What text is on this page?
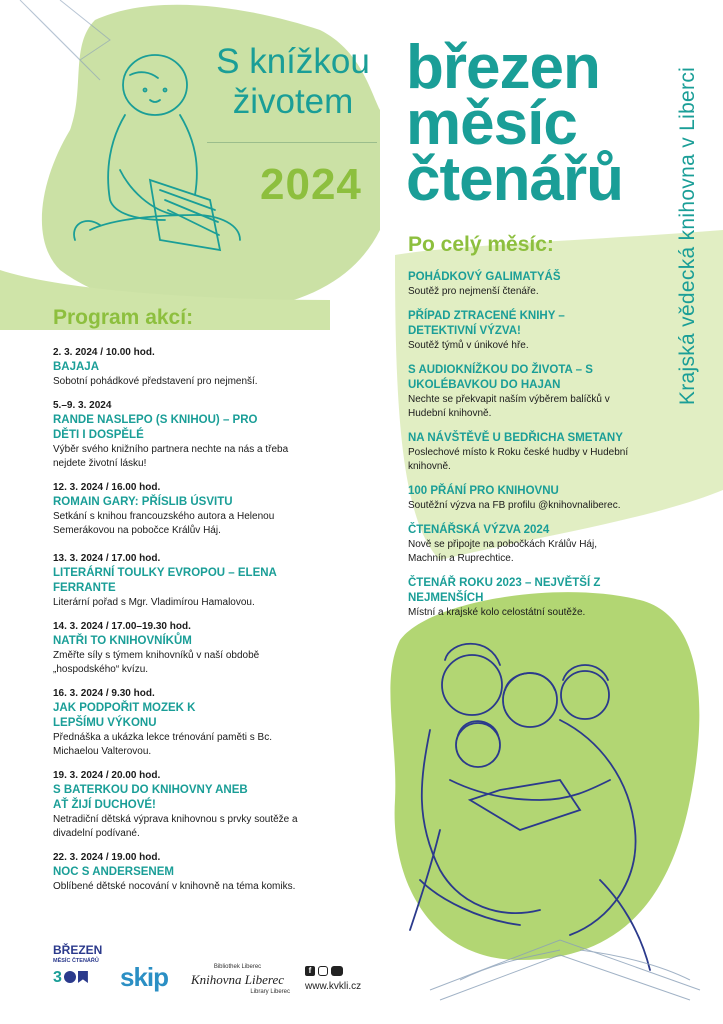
S knížkou
životem
2024
březen
měsíc
čtenářů	Krajská vědecká knihovna v Liberci
Po celý měsíc:
POHÁDKOVÝ GALIMATYÁŠ
Soutěž pro nejmenší čtenáře.
PŘÍPAD ZTRACENÉ KNIHY – DETEKTIVNÍ VÝZVA!
Soutěž týmů v únikové hře.
S AUDIOKNÍŽKOU DO ŽIVOTA – S UKOLÉBAVKOU DO HAJAN
Nechte se překvapit naším výběrem balíčků v Hudební knihovně.
NA NÁVŠTĚVĚ U BEDŘICHA SMETANY
Poslechové místo k Roku české hudby v Hudební knihovně.
100 PŘÁNÍ PRO KNIHOVNU
Soutěžní výzva na FB profilu @knihovnaliberec.
ČTENÁŘSKÁ VÝZVA 2024
Nově se připojte na pobočkách Králův Háj, Machnín a Ruprechtice.
ČTENÁŘ ROKU 2023 – NEJVĚTŠÍ Z NEJMENŠÍCH
Místní a krajské kolo celostátní soutěže.
Program akcí:
2. 3. 2024 / 10.00 hod.
BAJAJA
Sobotní pohádkové představení pro nejmenší.
5.–9. 3. 2024
RANDE NASLEPO (S KNIHOU) – PRO DĚTI I DOSPĚLÉ
Výběr svého knižního partnera nechte na nás a třeba nejdete životní lásku!
12. 3. 2024 / 16.00 hod.
ROMAIN GARY: PŘÍSLIB ÚSVITU
Setkání s knihou francouzského autora a Helenou Semerákovou na pobočce Králův Háj.
13. 3. 2024 / 17.00 hod.
LITERÁRNÍ TOULKY EVROPOU – ELENA FERRANTE
Literární pořad s Mgr. Vladimírou Hamalovou.
14. 3. 2024 / 17.00–19.30 hod.
NATŘI TO KNIHOVNÍKŮM
Změřte síly s týmem knihovníků v naší obdobě „hospodského“ kvízu.
16. 3. 2024 / 9.30 hod.
JAK PODPOŘIT MOZEK K LEPŠÍMU VÝKONU
Přednáška a ukázka lekce trénování paměti s Bc. Michaelou Valterovou.
19. 3. 2024 / 20.00 hod.
S BATERKOU DO KNIHOVNY ANEB AŤ ŽIJÍ DUCHOVÉ!
Netradiční dětská výprava knihovnou s prvky soutěže a divadelní podívané.
22. 3. 2024 / 19.00 hod.
NOC S ANDERSENEM
Oblíbené dětské nocování v knihovně na téma komiks.
BŘEZEN
MĚSÍC ČTENÁŘŮ
3 skip	Bibliothek Liberec
Knihovna Liberec
Library Liberec
f
www.kvkli.cz
